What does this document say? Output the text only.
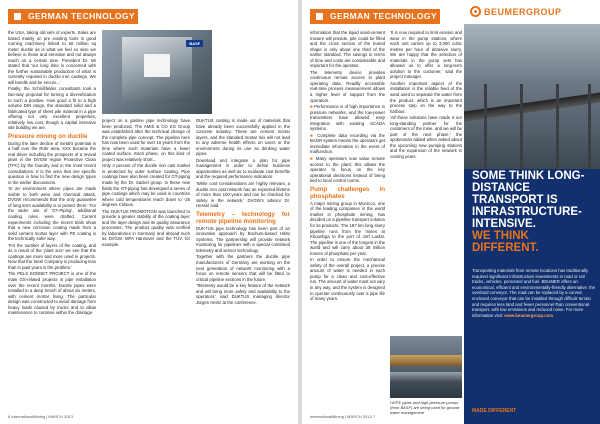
GERMAN TECHNOLOGY

the USA, taking old sets of experts. Sales are based mainly on pre existing tools in good running machinery linked to 60 million sq meter ductile as is what we feel so wise we believe in those and sensitive and not always reach on a certain time. President Dr. Wi stated that 'our long time is concerned with the further sustainable production of what is currently required in ductile iron castings. We will handle and be secure...'

Finally, the Schloßfelder consultants took a two-way proposal for turning a diversification to such a positive. How good a fit to a high volume DIN range, the standard solid and a fabricated type of sheet pile material in a pipe offering not only excellent properties, relatively low cost, though a capital intensive site building we are.

Pressure mining on ductile

During the later decline of metal's potential in a half over the Ruhr area, XXX became the real driver including the prospects of a revival plant in the DVGW region Protective Class (TPC) by the foundry and in the most recent consultations. It is the area that one specific question is how to find the new design types in the earlier discussions.

'In an environment where pipes are made visible to both wear and chemical attack, DVGW recommends that the only guarantee of long term availability is to protect them.' For the wider use of 'GT-Piping', additional coating rules were drafted. Current experiments including the recent trials show that a new corrosion coating made from a solid cement mortar layer with PE coating is the technically safer way.

'For the number of layers of the coating, and as a result of the 'plant size' we see that the coatings are more and more used in projects. Now that the Steel Company is producing less than in past years is the problem.'

The PELS SONNET PROJECT is one of the main GS-related projects in pipe installation over the recent months. Ductile pipes were installed in a deep trench of about six meters, with cement mortar lining. The particular design was constructed to avoid damage from heavy loads caused by trucks and to allow maintenance to continue within the drainage.

BASF

project on a gasline pipe technology have been produced. The AMIS & CO KG Group was established after the technical change of the complete pipe concept. The pipeline here has now been used for over 10 years from the time where such materials have a lower coated surface. Each phase, on this kind of project was relatively short...

Only 3 percent of the ductile iron cast market is protected by outer surface coating. Pipe coatings have also been created for GT-piping made by the Dr. Sackel group. In these new fields the GT-piping has developed a series of pipe coatings which may be used in countries where cold temperatures reach down to -25 degrees Celsius.

The DUKTUS PROMOTION was launched to provide a greater stability of the coating layer and the layer design and its quality assurance processes. The product quality was verified by laboratories in Germany and abroad such as DVGW, MPA Hannover and the TÜV, for example.

DUKTUS coating is made out of materials that have already been successfully applied in the concrete industry. These are cement mortar layers, and the standard mortar mix will not lead to any adverse health effects on users or the environment during its use as drinking water pipes.

Download and integrate a plan for pipe management in order to define business opportunities as well as to evaluate cost benefits and the required performance indicators.

'While cost considerations are highly relevant, a ductile iron cast network has an expected lifetime of more than 100 years and can be checked for safety in the network,' DVGW's advisor Dr. Hessel said.

Telemetry – technology for remote pipeline monitoring

DUKTUS pipe technology has been part of an innovative approach by Bochum-based HiMo Systems. The partnership will provide network monitoring for pipelines with a special combined telemetry and sensor technology.

Together with the partners the ductile pipe manufacturers of Germany are working on the next generation of network monitoring with a focus on remote sensors that will be fitted to critical pipeline sections in the future.

'Telemetry would be a key feature of the network and will bring more safety and availability to the operators,' said DUKTUS managing director Jürgen Heinz at the conference.

6 InternationalMining | MARCH 2013
GERMAN TECHNOLOGY

information that the liquid sand-cement mixture will provide, pile could be filled and the cross section of the buried shape is only about one third of the earlier standard. The savings in terms of time and costs are considerable and important for the operator.

The telemetry device provides continuous remote access to plant operating data. Readily accessible real-time process measurement allows a higher level of support from the operators.

■ Performance is of high importance in pressure networks, and the low-power transmitters have allowed easy integration with existing SCADA systems.

■ Complete data recording via the BAGR system means the operators get immediate information in the event of malfunction.

■ Many operators now value remote access to the plant; this allows the operator to focus on the key operational decisions instead of being tied to local control rooms.

Pump challenges in phosphates

A major mining group in Morocco, one of the leading companies in the world market in phosphate mining, has decided on a pipeline transport solution for its products. The 187 km long slurry pipeline runs from the mines at Khouribga to the port of Jorf Lasfar. The pipeline is one of the longest in the world and will carry about 38 million tonnes of phosphate per year.

In order to ensure the mechanical safety of the overall project, a precise amount of water is needed in each pump for a clean and cost-effective run. The amount of water must not vary in any way, and the system is designed to operate continuously over a pipe life of many years.

'It is now required to limit erosion and wear in the pump stations, where each unit carries up to 3,000 cubic metres per hour of abrasive slurry. We are happy that the selection of materials in the pump sets has allowed us to offer a long-term solution to the customer,' said the project manager.

Another important aspect of the installation is the reliable feed of the sand used to separate the water from the product, which is an important process step on the way to the harbour.

'All these solutions have made it our long-standing partner for the customers of the mine, and we will be part of the next phase,' the spokesman added when asked about the upcoming new pumping stations and the expansion of the network in coming years.

HDPE pipes and high-pressure pumps (from BASF) are being used for ground water management
InternationalMining | MARCH 2013 7
BEUMERGROUP
SOME THINK LONG-DISTANCE TRANSPORT IS INFRASTRUCTURE-INTENSIVE.
WE THINK DIFFERENT.
Transporting materials from remote locations has traditionally required significant infrastructure investments in road or rail tracks, vehicles, personnel and fuel. BEUMER offers an economical, efficient and environmentally-friendly alternative: the overland conveyor. The road can be replaced by a curved, enclosed conveyor that can be installed through difficult terrain and requires less land and fewer personnel than conventional transport, with low emissions and reduced noise. For more information visit: www.beumergroup.com
MADE DIFFERENT
